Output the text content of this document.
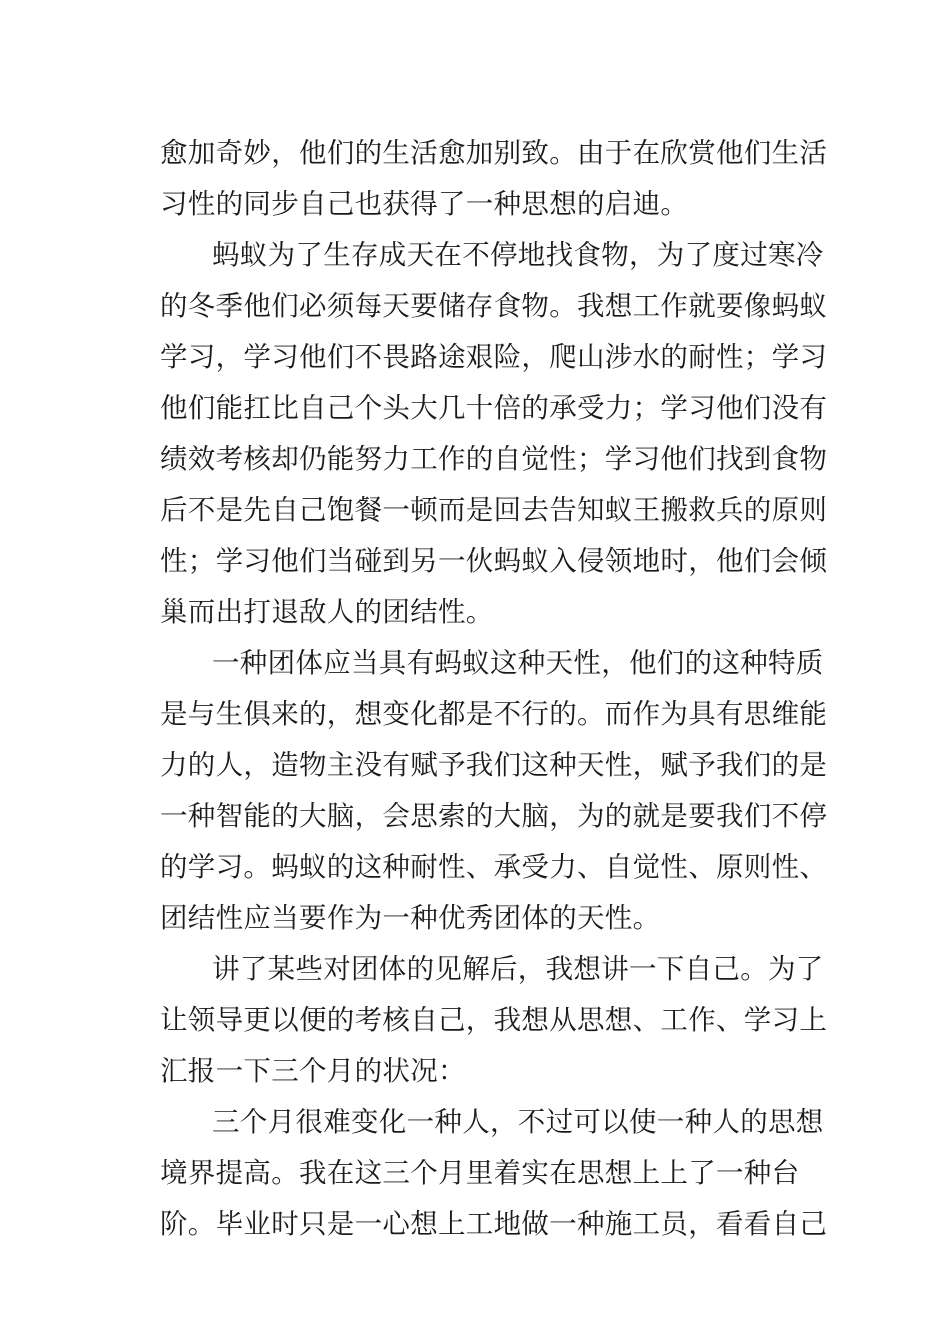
愈加奇妙，他们的生活愈加别致。由于在欣赏他们生活
习性的同步自己也获得了一种思想的启迪。
蚂蚁为了生存成天在不停地找食物，为了度过寒冷
的冬季他们必须每天要储存食物。我想工作就要像蚂蚁
学习，学习他们不畏路途艰险，爬山涉水的耐性；学习
他们能扛比自己个头大几十倍的承受力；学习他们没有
绩效考核却仍能努力工作的自觉性；学习他们找到食物
后不是先自己饱餐一顿而是回去告知蚁王搬救兵的原则
性；学习他们当碰到另一伙蚂蚁入侵领地时，他们会倾
巢而出打退敌人的团结性。
一种团体应当具有蚂蚁这种天性，他们的这种特质
是与生俱来的，想变化都是不行的。而作为具有思维能
力的人，造物主没有赋予我们这种天性，赋予我们的是
一种智能的大脑，会思索的大脑，为的就是要我们不停
的学习。蚂蚁的这种耐性、承受力、自觉性、原则性、
团结性应当要作为一种优秀团体的天性。
讲了某些对团体的见解后，我想讲一下自己。为了
让领导更以便的考核自己，我想从思想、工作、学习上
汇报一下三个月的状况：
三个月很难变化一种人，不过可以使一种人的思想
境界提高。我在这三个月里着实在思想上上了一种台
阶。毕业时只是一心想上工地做一种施工员，看看自己
